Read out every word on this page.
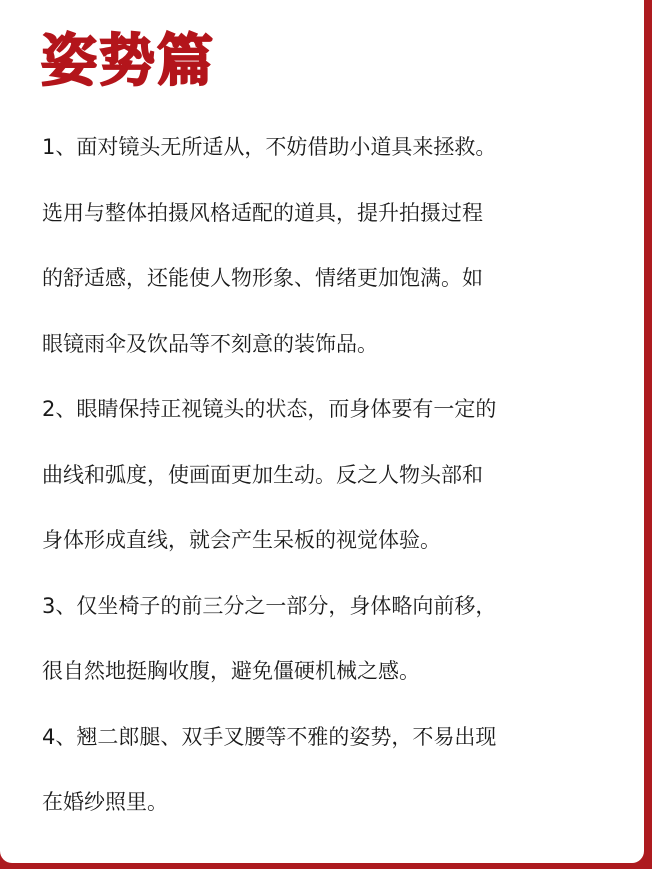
姿势篇
1、面对镜头无所适从，不妨借助小道具来拯救。
选用与整体拍摄风格适配的道具，提升拍摄过程
的舒适感，还能使人物形象、情绪更加饱满。如
眼镜雨伞及饮品等不刻意的装饰品。
2、眼睛保持正视镜头的状态，而身体要有一定的
曲线和弧度，使画面更加生动。反之人物头部和
身体形成直线，就会产生呆板的视觉体验。
3、仅坐椅子的前三分之一部分，身体略向前移，
很自然地挺胸收腹，避免僵硬机械之感。
4、翘二郎腿、双手叉腰等不雅的姿势，不易出现
在婚纱照里。
